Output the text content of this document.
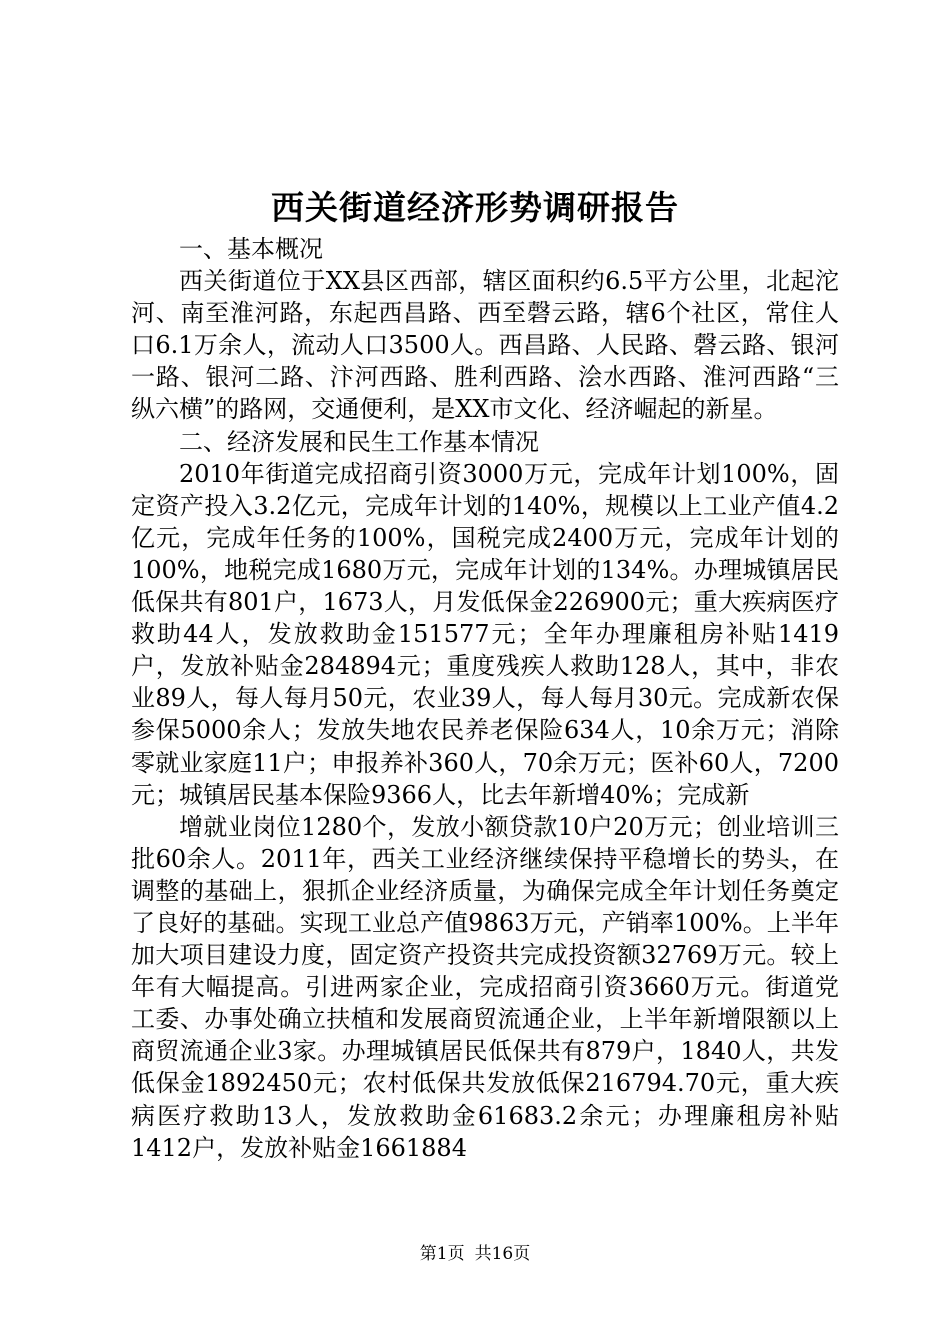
西关街道经济形势调研报告

一、基本概况

西关街道位于XX县区西部，辖区面积约6.5平方公里，北起沱河、南至淮河路，东起西昌路、西至磬云路，辖6个社区，常住人口6.1万余人，流动人口3500人。西昌路、人民路、磬云路、银河一路、银河二路、汴河西路、胜利西路、浍水西路、淮河西路“三纵六横”的路网，交通便利，是XX市文化、经济崛起的新星。

二、经济发展和民生工作基本情况

2010年街道完成招商引资3000万元，完成年计划100%，固定资产投入3.2亿元，完成年计划的140%，规模以上工业产值4.2亿元，完成年任务的100%，国税完成2400万元，完成年计划的100%，地税完成1680万元，完成年计划的134%。办理城镇居民低保共有801户，1673人，月发低保金226900元；重大疾病医疗救助44人，发放救助金151577元；全年办理廉租房补贴1419户，发放补贴金284894元；重度残疾人救助128人，其中，非农业89人，每人每月50元，农业39人，每人每月30元。完成新农保参保5000余人；发放失地农民养老保险634人，10余万元；消除零就业家庭11户；申报养补360人，70余万元；医补60人，7200元；城镇居民基本保险9366人，比去年新增40%；完成新

增就业岗位1280个，发放小额贷款10户20万元；创业培训三批60余人。2011年，西关工业经济继续保持平稳增长的势头，在调整的基础上，狠抓企业经济质量，为确保完成全年计划任务奠定了良好的基础。实现工业总产值9863万元，产销率100%。上半年加大项目建设力度，固定资产投资共完成投资额32769万元。较上年有大幅提高。引进两家企业，完成招商引资3660万元。街道党工委、办事处确立扶植和发展商贸流通企业，上半年新增限额以上商贸流通企业3家。办理城镇居民低保共有879户，1840人，共发低保金1892450元；农村低保共发放低保216794.70元，重大疾病医疗救助13人，发放救助金61683.2余元；办理廉租房补贴1412户，发放补贴金1661884

第1页 共16页
